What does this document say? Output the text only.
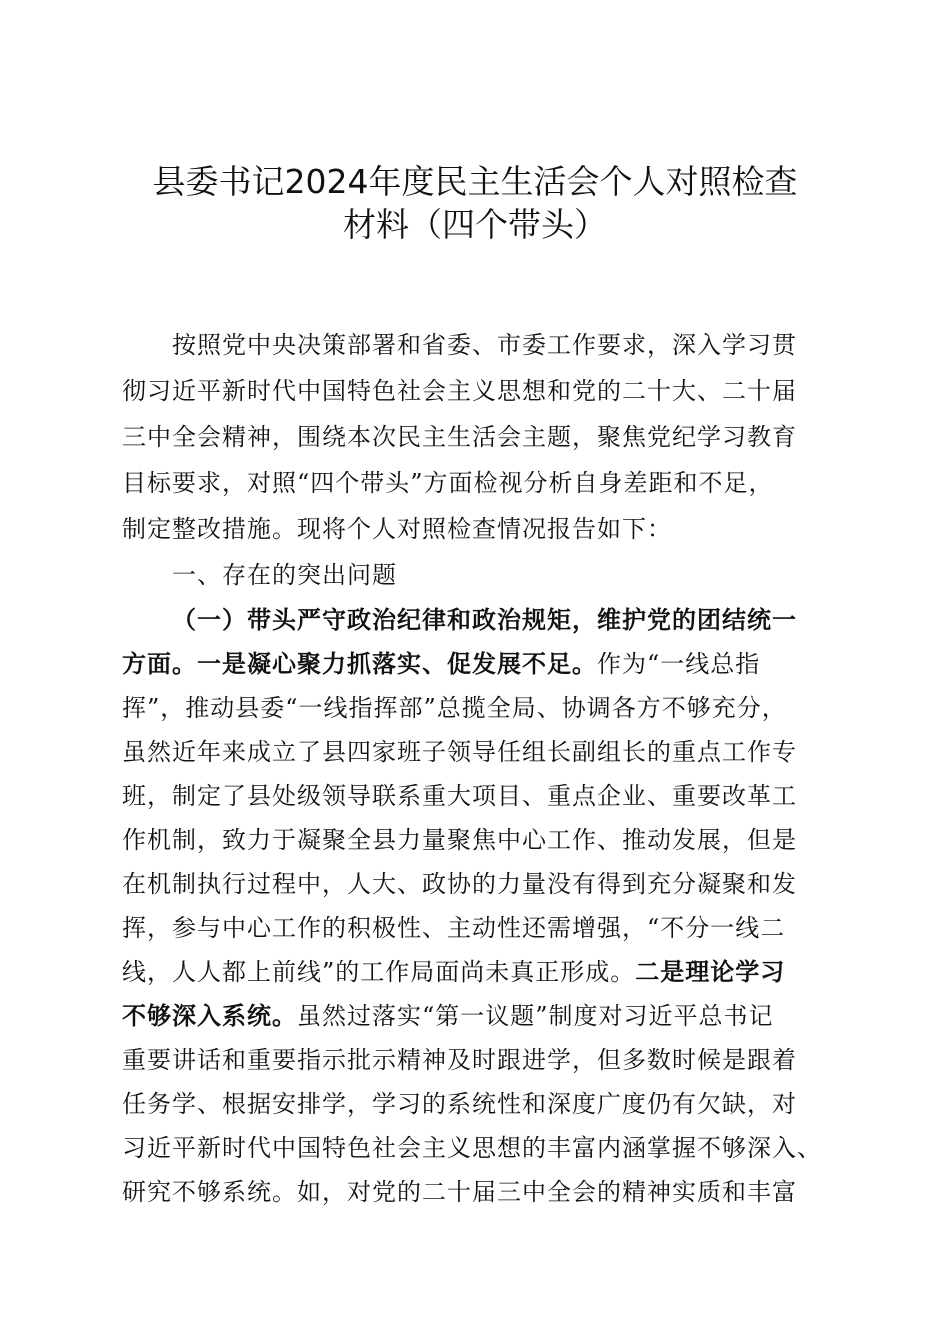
县委书记2024年度民主生活会个人对照检查
材料（四个带头）
按照党中央决策部署和省委、市委工作要求，深入学习贯
彻习近平新时代中国特色社会主义思想和党的二十大、二十届
三中全会精神，围绕本次民主生活会主题，聚焦党纪学习教育
目标要求，对照“四个带头”方面检视分析自身差距和不足，
制定整改措施。现将个人对照检查情况报告如下：
一、存在的突出问题
（一）带头严守政治纪律和政治规矩，维护党的团结统一
方面。一是凝心聚力抓落实、促发展不足。作为“一线总指
挥”，推动县委“一线指挥部”总揽全局、协调各方不够充分，
虽然近年来成立了县四家班子领导任组长副组长的重点工作专
班，制定了县处级领导联系重大项目、重点企业、重要改革工
作机制，致力于凝聚全县力量聚焦中心工作、推动发展，但是
在机制执行过程中，人大、政协的力量没有得到充分凝聚和发
挥，参与中心工作的积极性、主动性还需增强，“不分一线二
线，人人都上前线”的工作局面尚未真正形成。二是理论学习
不够深入系统。虽然过落实“第一议题”制度对习近平总书记
重要讲话和重要指示批示精神及时跟进学，但多数时候是跟着
任务学、根据安排学，学习的系统性和深度广度仍有欠缺，对
习近平新时代中国特色社会主义思想的丰富内涵掌握不够深入、
研究不够系统。如，对党的二十届三中全会的精神实质和丰富
